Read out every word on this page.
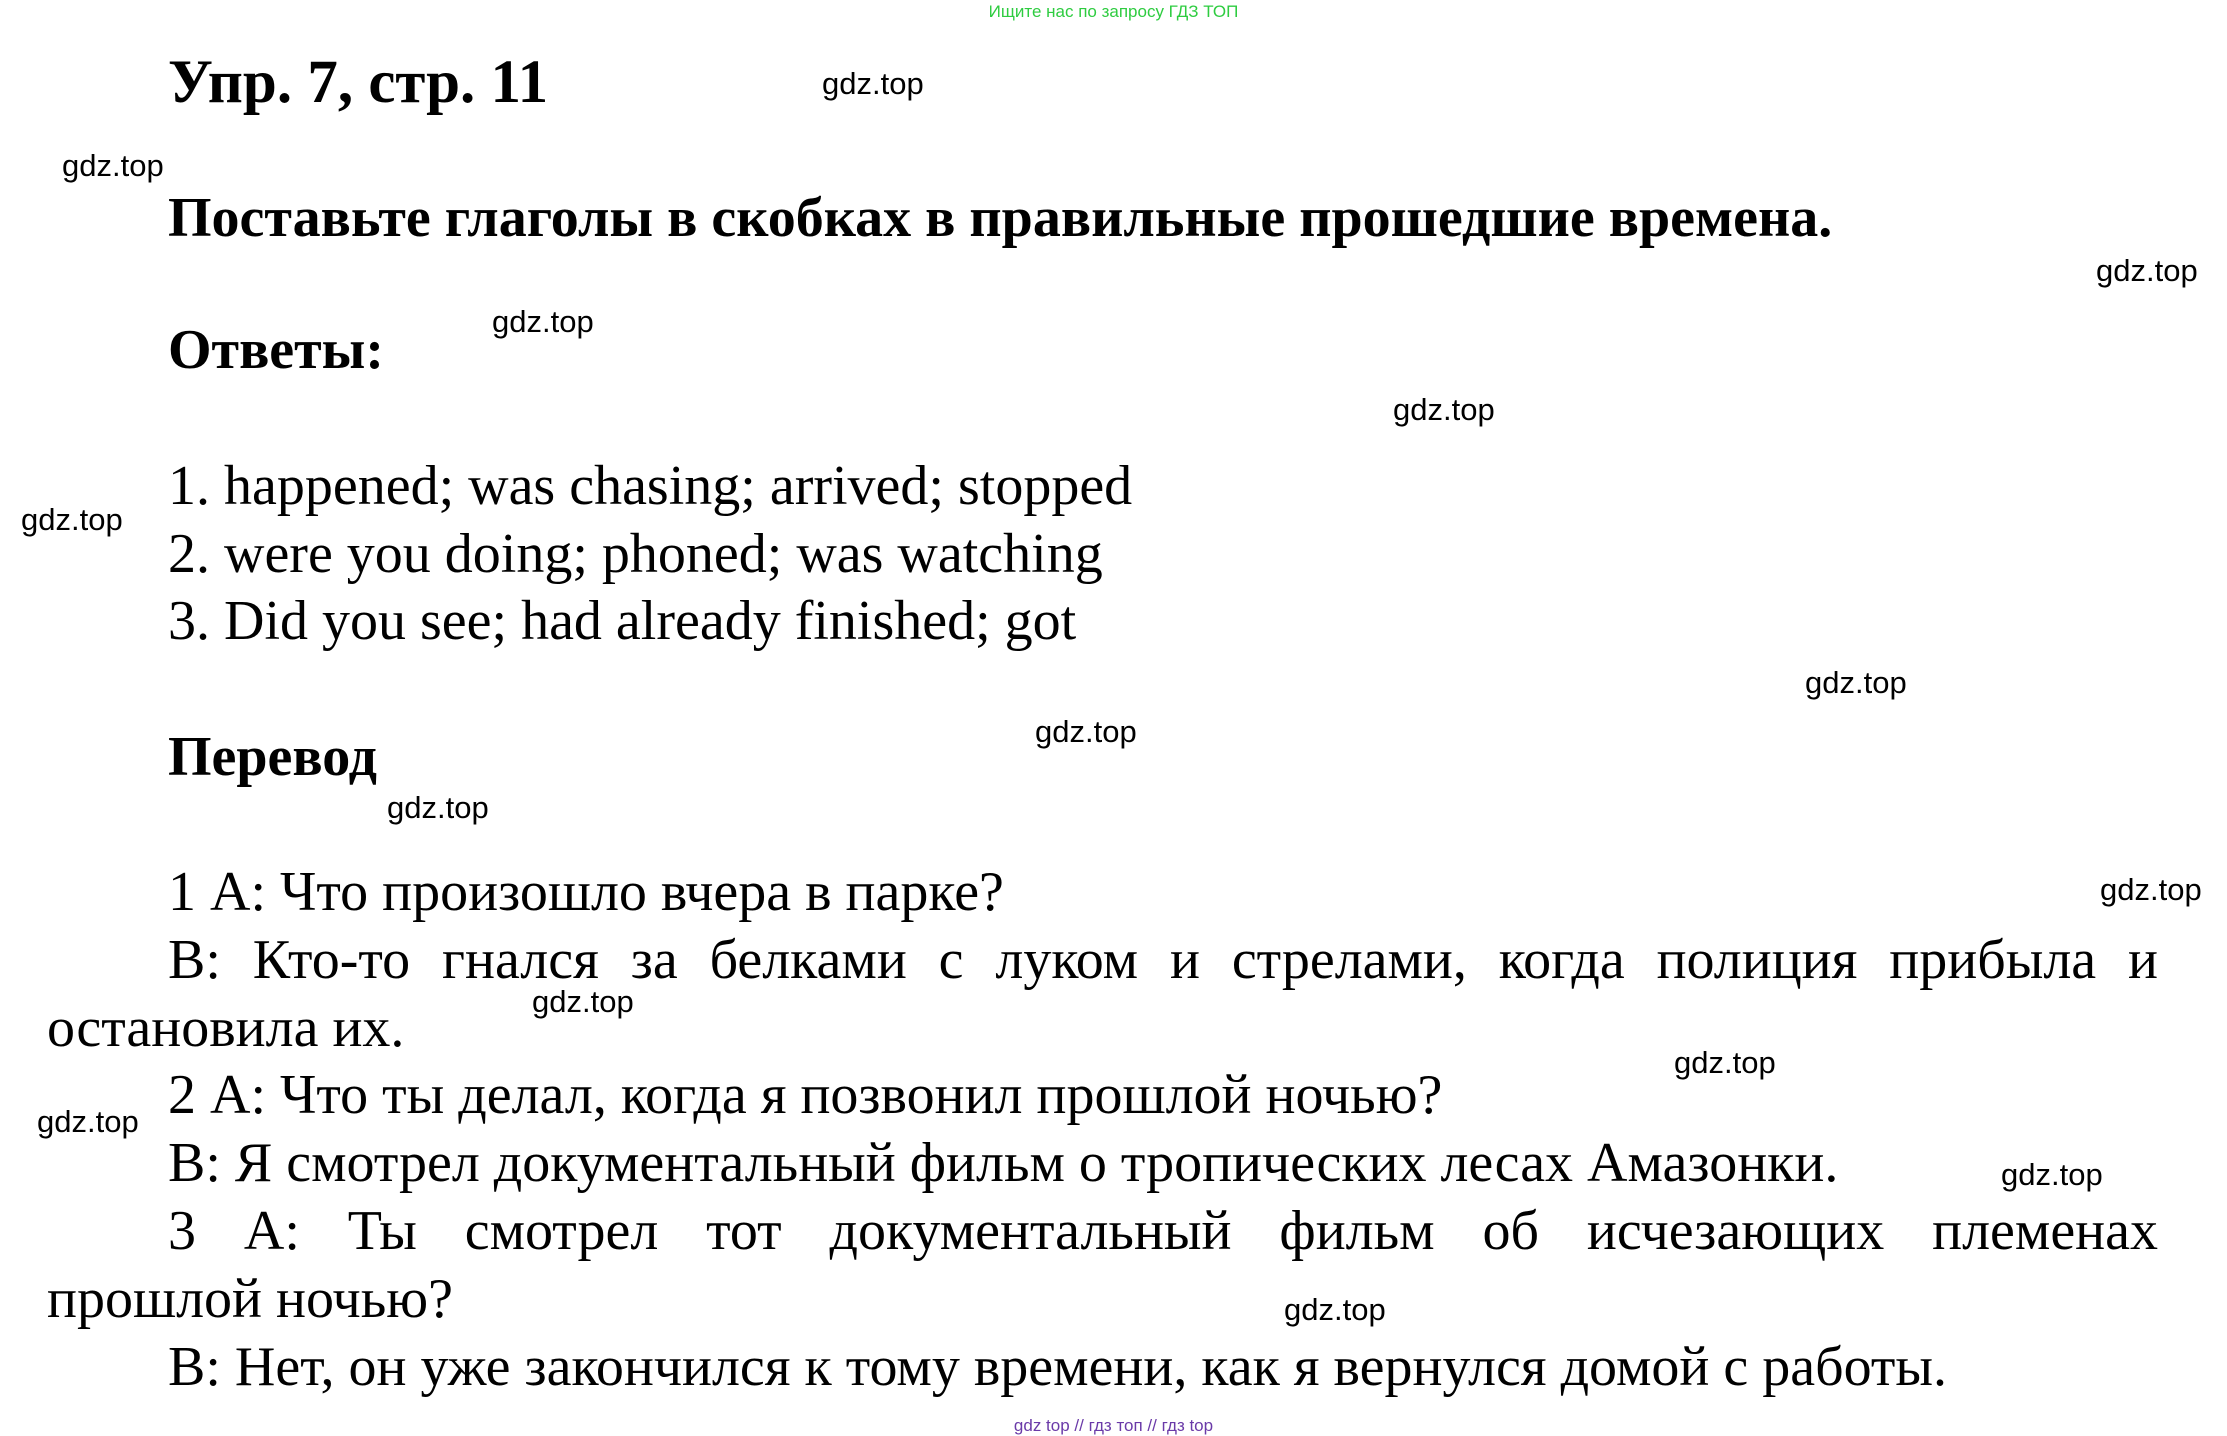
Ищите нас по запросу ГДЗ ТОП
Упр. 7, стр. 11
Поставьте глаголы в скобках в правильные прошедшие времена.
Ответы:
1. happened; was chasing; arrived; stopped
2. were you doing; phoned; was watching
3. Did you see; had already finished; got
Перевод
1 А: Что произошло вчера в парке?
В: Кто-то гнался за белками с луком и стрелами, когда полиция прибыла и
остановила их.
2 А: Что ты делал, когда я позвонил прошлой ночью?
В: Я смотрел документальный фильм о тропических лесах Амазонки.
3 А: Ты смотрел тот документальный фильм об исчезающих племенах
прошлой ночью?
В: Нет, он уже закончился к тому времени, как я вернулся домой с работы.
gdz.top
gdz.top
gdz.top
gdz.top
gdz.top
gdz.top
gdz.top
gdz.top
gdz.top
gdz.top
gdz.top
gdz.top
gdz.top
gdz.top
gdz.top
gdz top // гдз топ // гдз top
